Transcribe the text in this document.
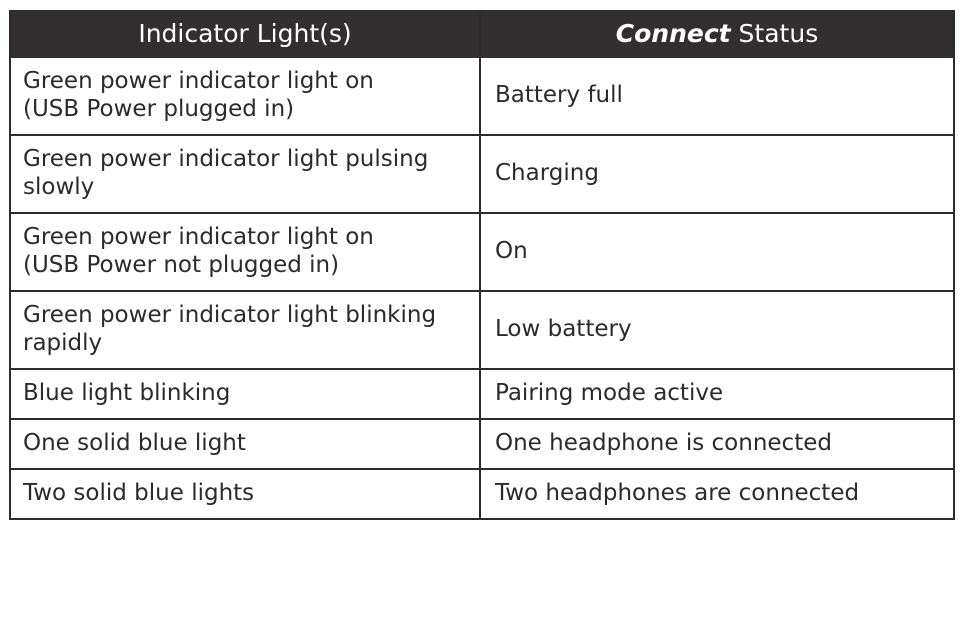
Indicator Light(s)	Connect Status
Green power indicator light on
(USB Power plugged in)	Battery full
Green power indicator light pulsing
slowly	Charging
Green power indicator light on
(USB Power not plugged in)	On
Green power indicator light blinking
rapidly	Low battery
Blue light blinking	Pairing mode active
One solid blue light	One headphone is connected
Two solid blue lights	Two headphones are connected
